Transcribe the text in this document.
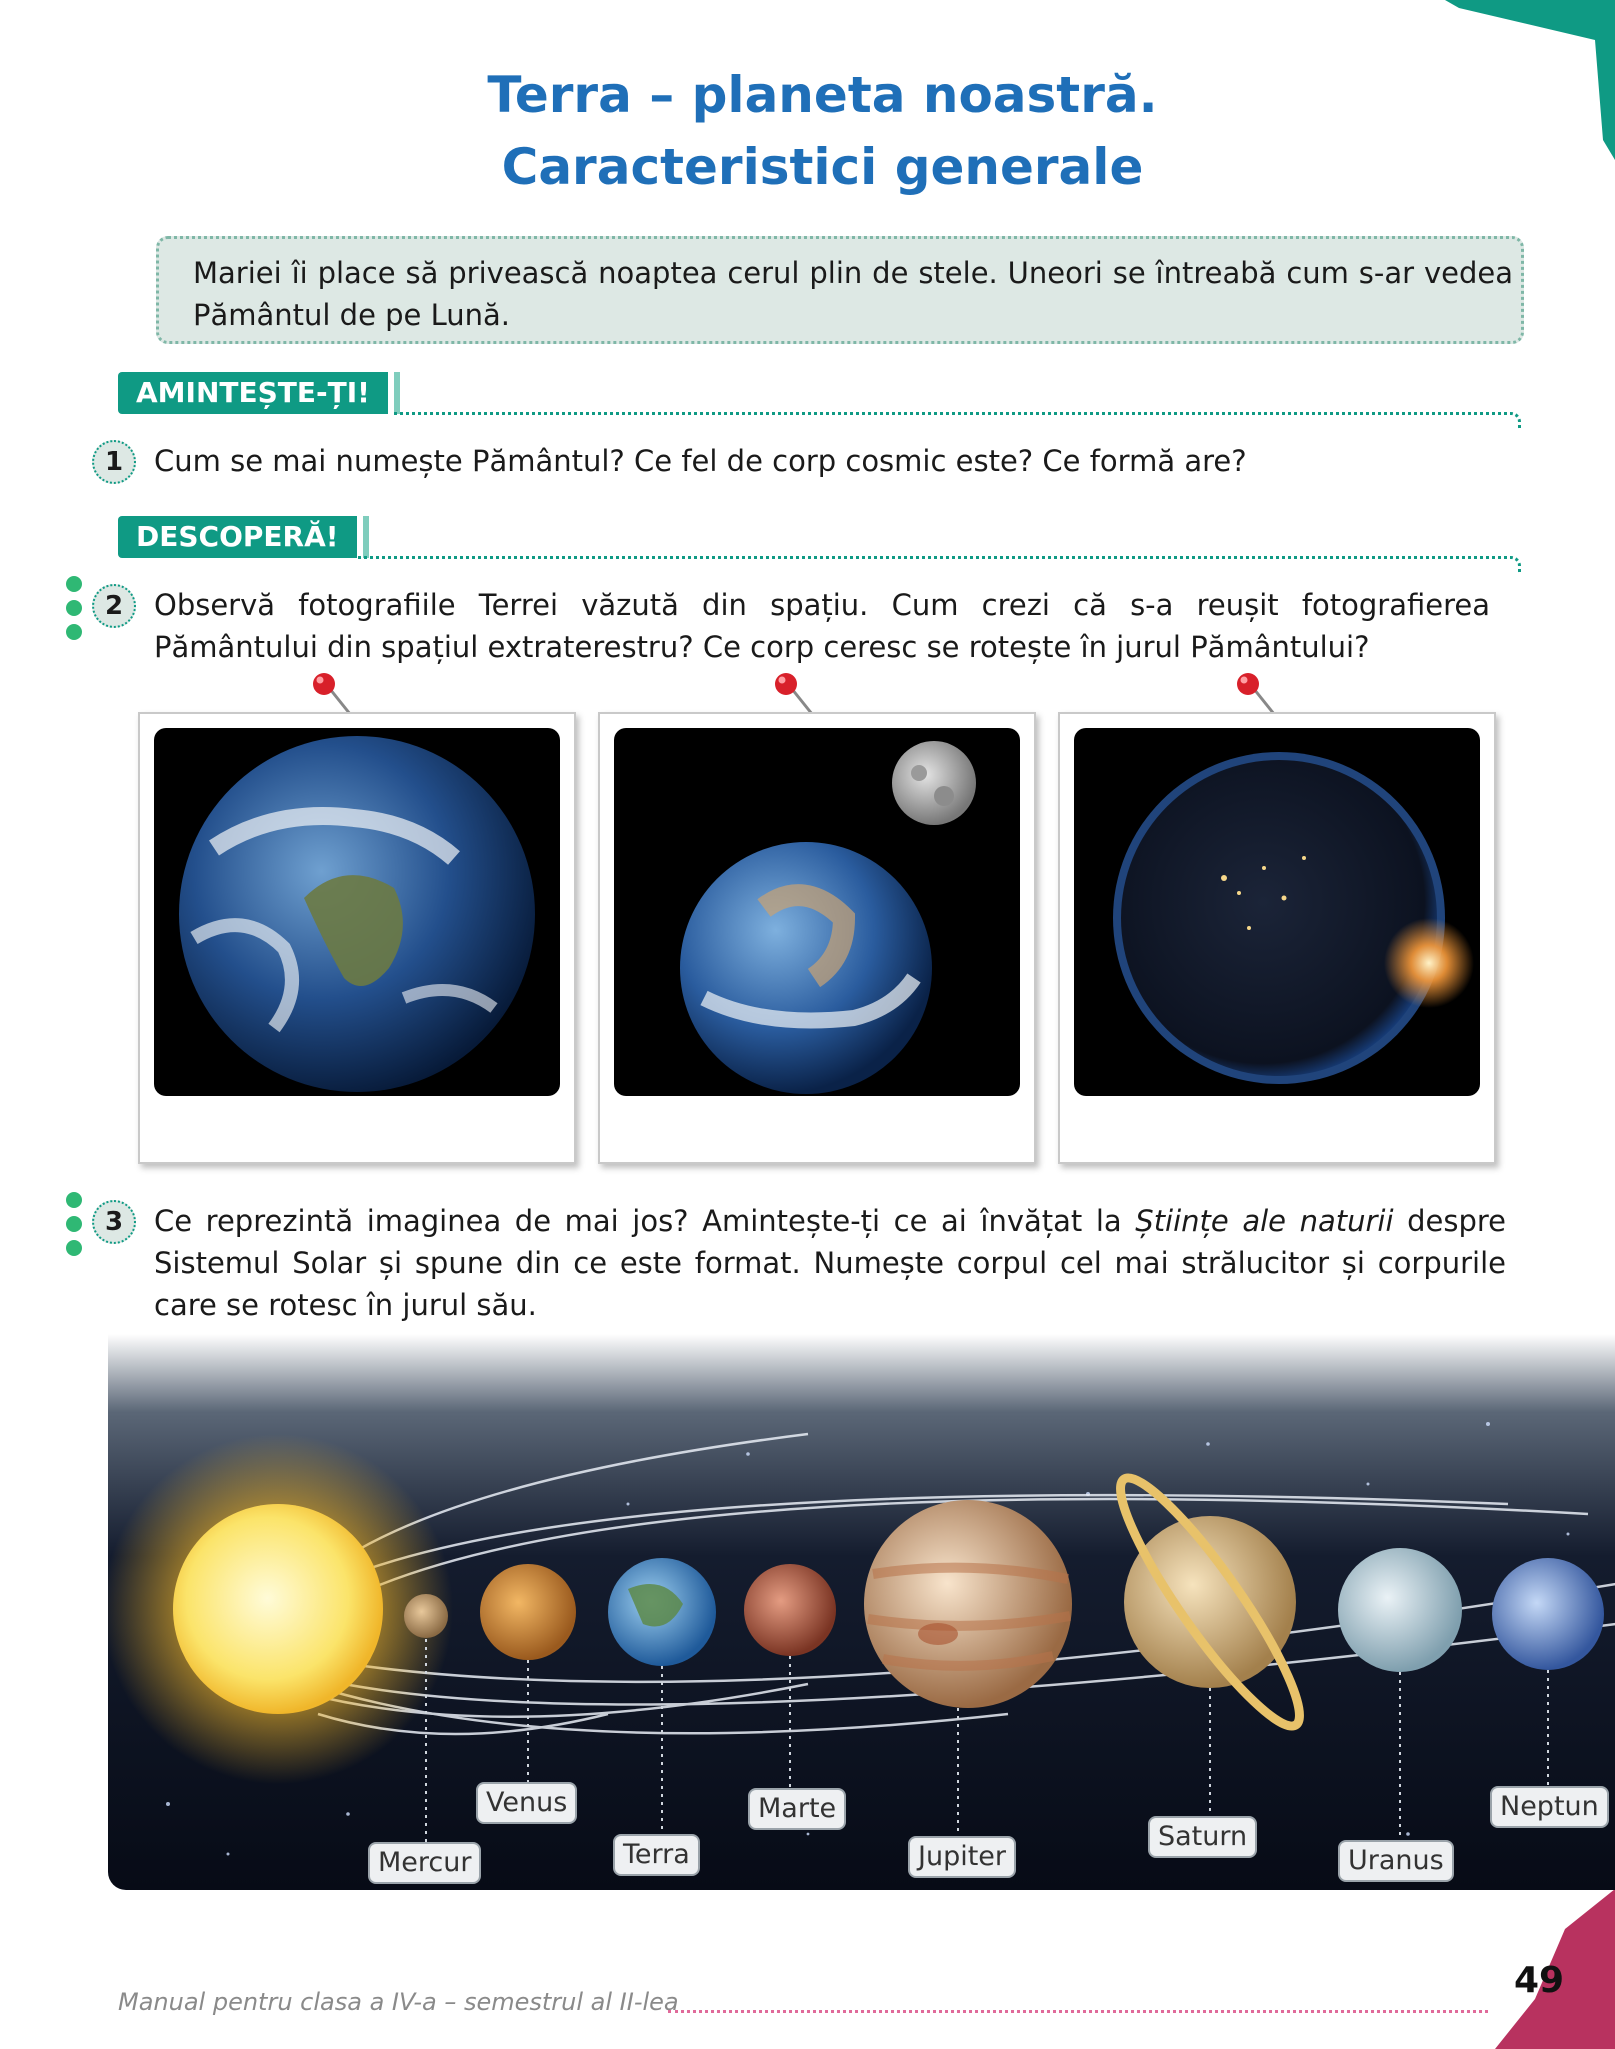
Terra – planeta noastră.
Caracteristici generale
Mariei îi place să privească noaptea cerul plin de stele. Uneori se întreabă cum s-ar vedea Pământul de pe Lună.
AMINTEȘTE-ȚI!
1	Cum se mai numește Pământul? Ce fel de corp cosmic este? Ce formă are?
DESCOPERĂ!
2	Observă fotografiile Terrei văzută din spațiu. Cum crezi că s-a reușit fotografierea Pământului din spațiul extraterestru? Ce corp ceresc se rotește în jurul Pământului?
3	Ce reprezintă imaginea de mai jos? Amintește-ți ce ai învățat la Științe ale naturii despre Sistemul Solar și spune din ce este format. Numește corpul cel mai strălucitor și corpurile care se rotesc în jurul său.
Venus
Mercur	Terra
Marte
Jupiter
Saturn
Uranus
Neptun
Manual pentru clasa a IV-a – semestrul al II-lea
49
